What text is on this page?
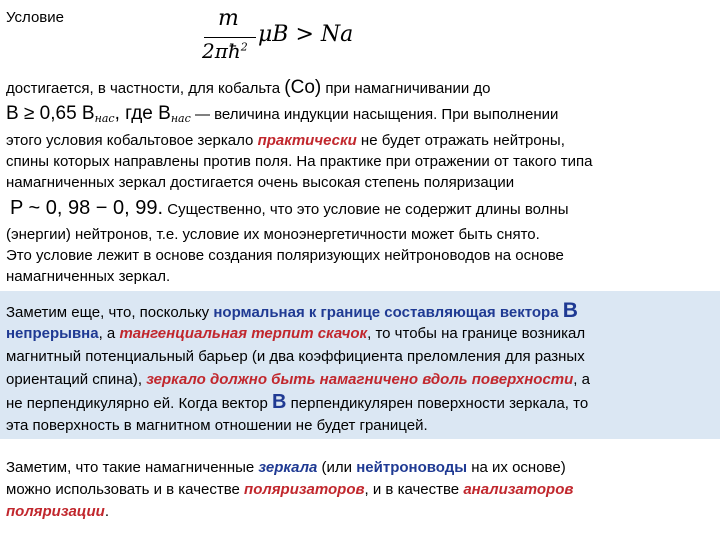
Условие	m
$2\pi ħ^2$ μB > Na
достигается, в частности, для кобальта (Co) при намагничивании до
B ≥ 0,65 $B_{нас}$, где $B_{нас}$ — величина индукции насыщения. При выполнении
этого условия кобальтовое зеркало практически не будет отражать нейтроны,
спины которых направлены против поля. На практике при отражении от такого типа
намагниченных зеркал достигается очень высокая степень поляризации
P ~ 0, 98 − 0, 99. Существенно, что это условие не содержит длины волны
(энергии) нейтронов, т.е. условие их моноэнергетичности может быть снято.
Это условие лежит в основе создания поляризующих нейтроноводов на основе
намагниченных зеркал.
Заметим еще, что, поскольку нормальная к границе составляющая вектора B
непрерывна, а тангенциальная терпит скачок, то чтобы на границе возникал
магнитный потенциальный барьер (и два коэффициента преломления для разных
ориентаций спина), зеркало должно быть намагничено вдоль поверхности, а
не перпендикулярно ей. Когда вектор B перпендикулярен поверхности зеркала, то
эта поверхность в магнитном отношении не будет границей.
Заметим, что такие намагниченные зеркала (или нейтроноводы на их основе)
можно использовать и в качестве поляризаторов, и в качестве анализаторов
поляризации.
